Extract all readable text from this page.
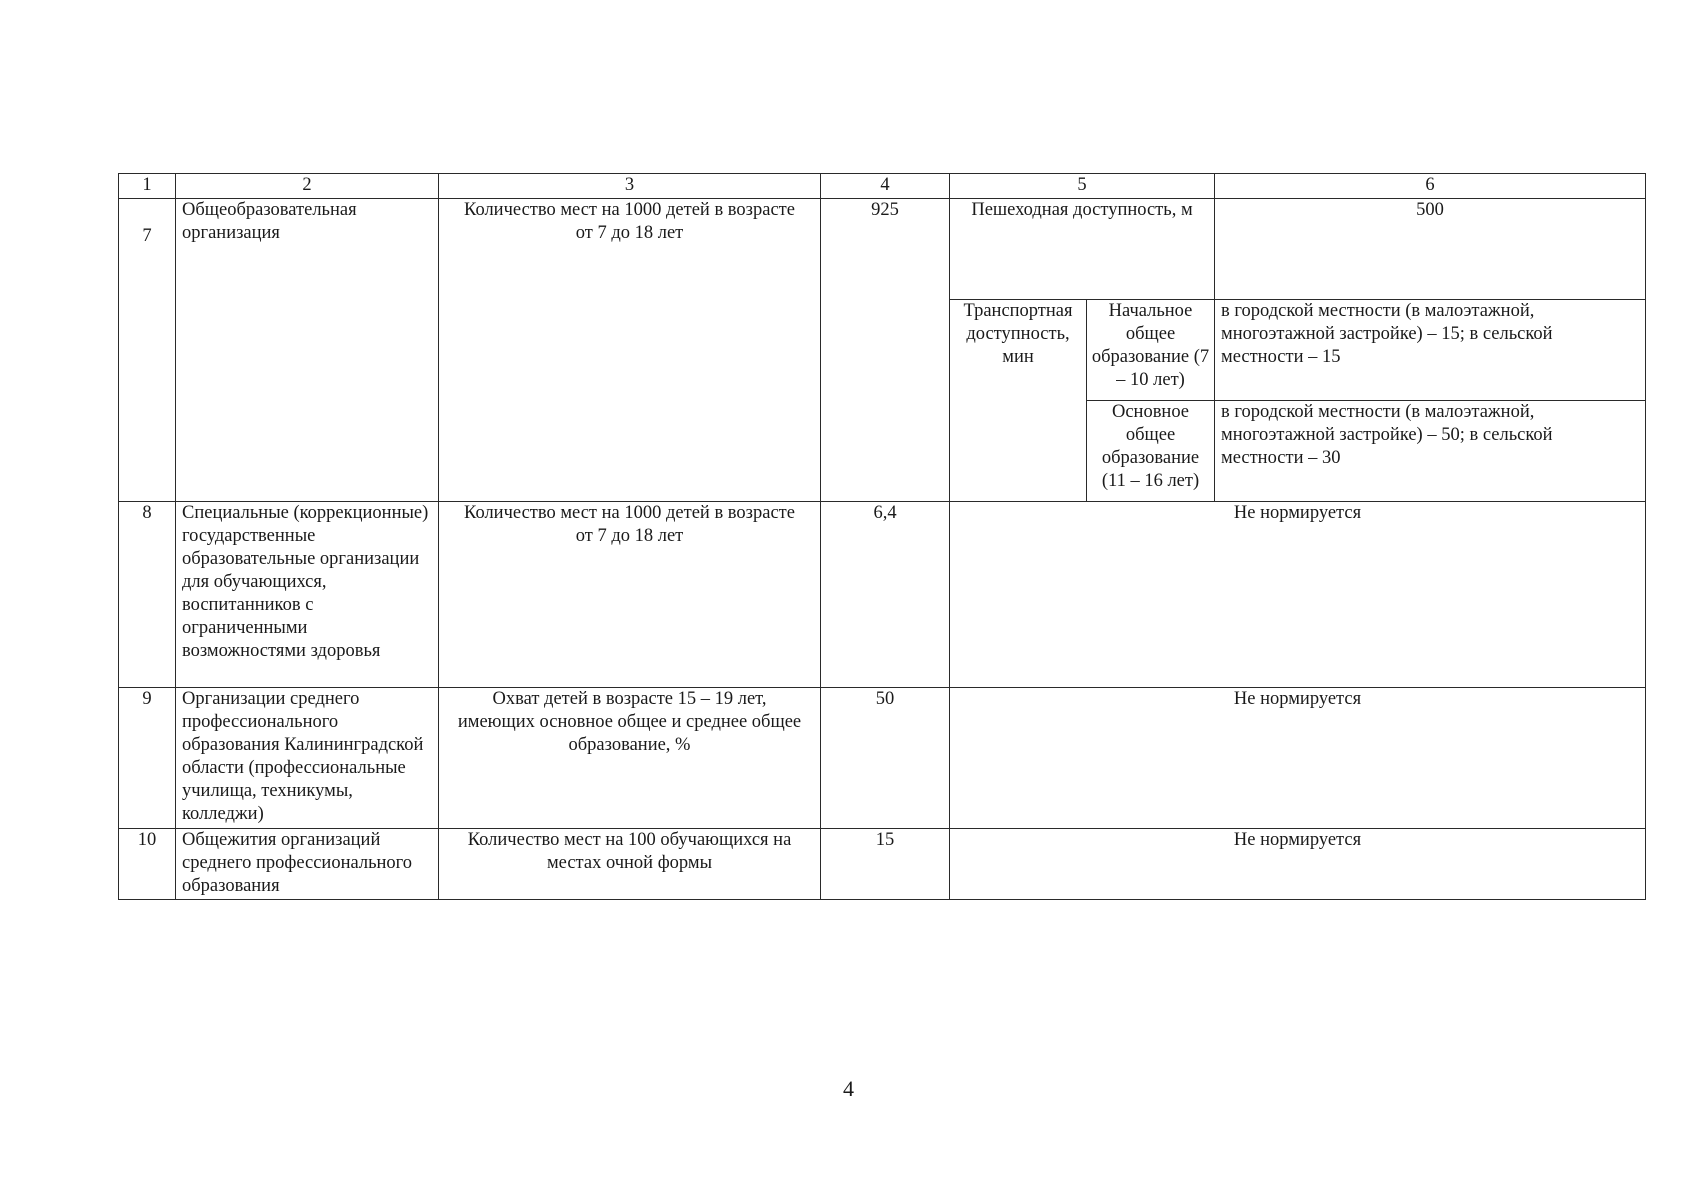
1	2	3	4	5		6
7	Общеобразовательная организация	Количество мест на 1000 детей в возрасте от 7 до 18 лет	925	Пешеходная доступность, м		500
				Транспортная доступность, мин	Начальное общее образование (7 – 10 лет)	в городской местности (в малоэтажной, многоэтажной застройке) – 15; в сельской местности – 15
					Основное общее образование (11 – 16 лет)	в городской местности (в малоэтажной, многоэтажной застройке) – 50; в сельской местности – 30
8	Специальные (коррекционные) государственные образовательные организации для обучающихся, воспитанников с ограниченными возможностями здоровья	Количество мест на 1000 детей в возрасте от 7 до 18 лет	6,4	Не нормируется		
9	Организации среднего профессионального образования Калининградской области (профессиональные училища, техникумы, колледжи)	Охват детей в возрасте 15 – 19 лет, имеющих основное общее и среднее общее образование, %	50	Не нормируется		
10	Общежития организаций среднего профессионального образования	Количество мест на 100 обучающихся на местах очной формы	15	Не нормируется		
4
